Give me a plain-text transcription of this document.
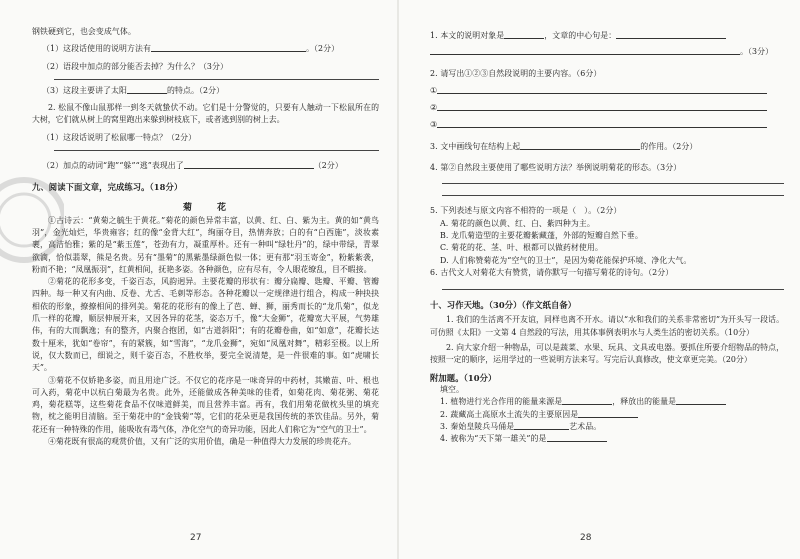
钢铁硬到它，也会变成气体。
（1）这段话使用的说明方法有	。（2分）
（2）语段中加点的部分能否去掉？为什么？（3分）
（3）这段主要讲了太阳	的特点。（2分）
2. 松鼠不像山鼠那样一到冬天就蛰伏不动。它们是十分警觉的，只要有人触动一下松鼠所在的大树，它们就从树上的窝里跑出来躲到树枝底下，或者逃到别的树上去。
（1）这段话说明了松鼠哪一特点？（2分）
（2）加点的动词“跑”“躲”“逃”表现出了	（2分）
九、阅读下面文章，完成练习。（18分）
菊　花
①古诗云：“黄菊之毓生于黄花。”菊花的颜色异常丰富，以黄、红、白、紫为主。黄的如“黄鸟羽”，金光灿烂，华贵雍容；红的像“金背大红”，绚丽夺目，热情奔放；白的有“白西施”，淡妆素裹，高洁怡雅；紫的是“紫玉莲”，苍劲有力，凝重厚朴。还有一种叫“绿牡丹”的，绿中带绿，青翠欲滴，恰似翡翠，熊是名贵。另有“墨菊”的黑紫墨绿颜色似一体；更有那“羽玉寄金”，粉紫紫袭，粉而不艳；“凤凰振羽”，红黄相间，抚艳多姿。各种颜色，应有尽有，令人眼花缭乱，目不暇接。
②菊花的花形多变，千姿百态，风韵迥异。主要花瓣的形状有：瓣分扁瓣、匙瓣、平瓣、管瓣四种。每一种又有内曲、反卷、尤舌、毛刺等形态。各种花瓣以一定规律进行组合，构成一种抉抉相依的形象，撩撩相间的排列美。菊花的花形有的像上了芭、蝉、狮，丽秀而长的“龙爪菊”，似龙爪一样的花瓣，顺层伸展开来，又因各异的花茎，姿态万千，像“大金狮”，花瓣宽大平展，气势雄伟，有的大而飘逸；有的整齐，内聚合抱团，如“古道斜阳”；有的花瓣卷曲，如“如意”，花瓣长达数十厘米，犹如“卷帘”，有的紧簇，如“雪海”，“龙爪金狮”，宛如“凤凰对舞”，精彩至极。以上所说，仅大数而已，细说之，则千姿百态，不胜枚举，要完全说清楚，是一件很难的事。如“虎啸长天”。
③菊花不仅娇艳多姿，而且用途广泛。不仅它的花序是一味奇异的中药材，其嫩苗、叶、根也可入药，菊花中以杭白菊最为名贵。此外，还能做成各种美味的佳肴，如菊花肉、菊花粥、菊花鸡，菊花糕等，这些菊花食品不仅味道鲜美，而且营养丰富。再有，我们用菊花做枕头里的填充物，枕之能明目清脑。至于菊花中的“金钱菊”等，它们的花朵更是我国传统的茶饮佳品。另外，菊花还有一种特殊的作用，能吸收有毒气体，净化空气的奇异功能，因此人们称它为“空气的卫士”。
④菊花既有很高的观赏价值，又有广泛的实用价值，确是一种值得大力发展的珍贵花卉。
27
1. 本文的说明对象是	，文章的中心句是：
。（3分）
2. 请写出①②③自然段说明的主要内容。（6分）
①
②
③
3. 文中画线句在结构上起	的作用。（2分）
4. 第②自然段主要使用了哪些说明方法？举例说明菊花的形态。（3分）
5. 下列表述与原文内容不相符的一项是（　）。（2分）
A. 菊花的颜色以黄、红、白、紫四种为主。
B. 龙爪菊造型的主要花瓣紫藏蓬，外部的短瓣自然下垂。
C. 菊花的花、茎、叶、根都可以做药材使用。
D. 人们称赞菊花为“空气的卫士”，是因为菊花能保护环境、净化大气。
6. 古代文人对菊花大有赞赏，请你默写一句描写菊花的诗句。（2分）
十、习作天地。（30分）（作文纸自备）
1. 我们的生活离不开友谊，同样也离不开水。请以“水和我们的关系非常密切”为开头写一段话。可仿照《太阳》一文第 4 自然段的写法，用其体事例表明水与人类生活的密切关系。（10分）
2. 向大家介绍一种物品，可以是蔬菜、水果、玩具、文具或电器。要抓住所要介绍物品的特点，按照一定的顺序，运用学过的一些说明方法来写。写完后认真修改，使文章更完美。（20分）
附加题。（10分）
填空。
1. 植物进行光合作用的能量来源是	，释放出的能量是
2. 蔬藏高土高原水土流失的主要原因是
3. 秦始皇陵兵马俑是	艺术品。
4. 被称为“天下第一雄关”的是
28
